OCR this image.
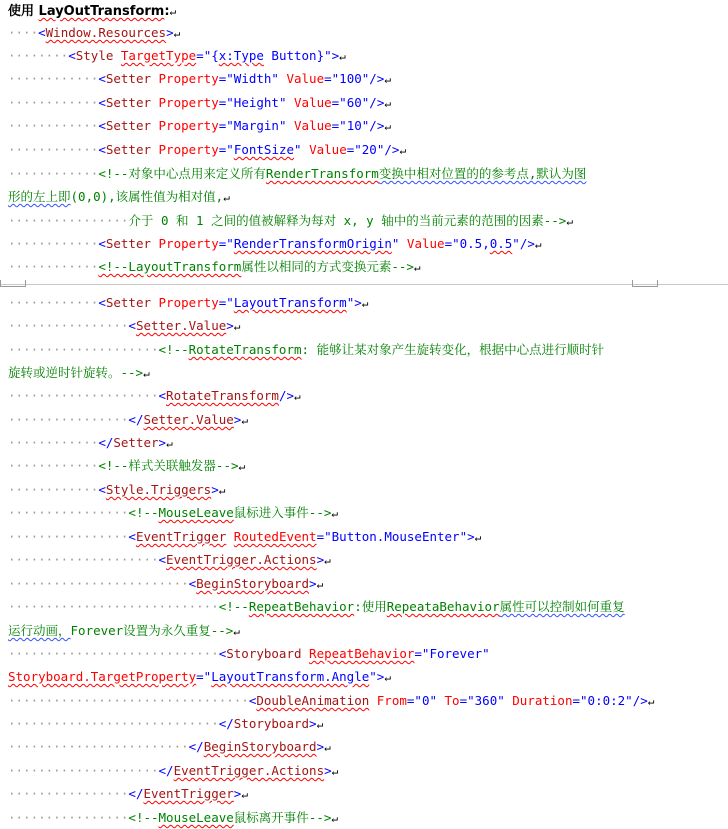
使用 LayOutTransform:↵
····<Window.Resources>↵
········<Style TargetType="{x:Type Button}">↵
············<Setter Property="Width" Value="100"/>↵
············<Setter Property="Height" Value="60"/>↵
············<Setter Property="Margin" Value="10"/>↵
············<Setter Property="FontSize" Value="20"/>↵
············<!--对象中心点用来定义所有RenderTransform变换中相对位置的的参考点,默认为图
形的左上即(0,0),该属性值为相对值,↵
················介于 0 和 1 之间的值被解释为每对 x, y 轴中的当前元素的范围的因素-->↵
············<Setter Property="RenderTransformOrigin" Value="0.5,0.5"/>↵
············<!--LayoutTransform属性以相同的方式变换元素-->↵
············<Setter Property="LayoutTransform">↵
················<Setter.Value>↵
····················<!--RotateTransform: 能够让某对象产生旋转变化，根据中心点进行顺时针
旋转或逆时针旋转。-->↵
····················<RotateTransform/>↵
················</Setter.Value>↵
············</Setter>↵
············<!--样式关联触发器-->↵
············<Style.Triggers>↵
················<!--MouseLeave鼠标进入事件-->↵
················<EventTrigger RoutedEvent="Button.MouseEnter">↵
····················<EventTrigger.Actions>↵
························<BeginStoryboard>↵
····························<!--RepeatBehavior:使用RepeataBehavior属性可以控制如何重复
运行动画，Forever设置为永久重复-->↵
····························<Storyboard RepeatBehavior="Forever"
Storyboard.TargetProperty="LayoutTransform.Angle">↵
································<DoubleAnimation From="0" To="360" Duration="0:0:2"/>↵
····························</Storyboard>↵
························</BeginStoryboard>↵
····················</EventTrigger.Actions>↵
················</EventTrigger>↵
················<!--MouseLeave鼠标离开事件-->↵
